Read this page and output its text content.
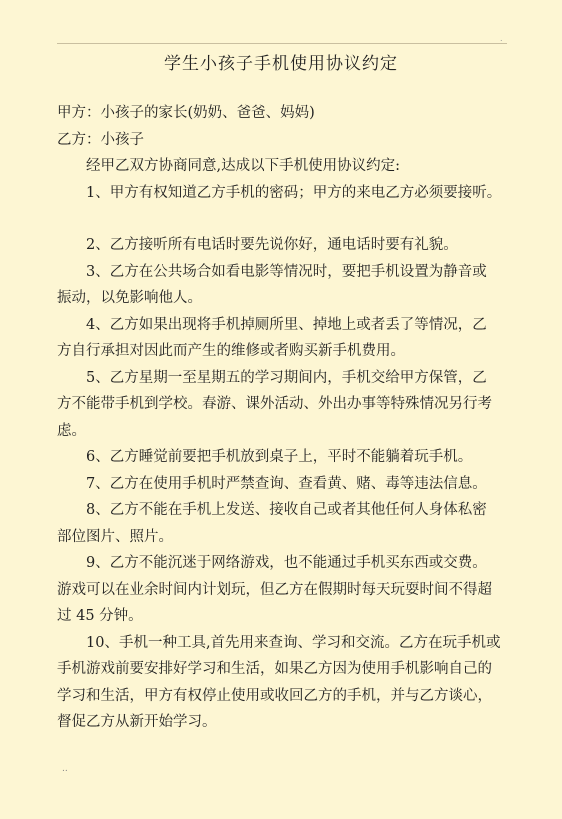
.
学生小孩子手机使用协议约定

甲方：小孩子的家长(奶奶、爸爸、妈妈)

乙方：小孩子

经甲乙双方协商同意,达成以下手机使用协议约定:

1、甲方有权知道乙方手机的密码；甲方的来电乙方必须要接听。

2、乙方接听所有电话时要先说你好，通电话时要有礼貌。

3、乙方在公共场合如看电影等情况时，要把手机设置为静音或

振动，以免影响他人。

4、乙方如果出现将手机掉厕所里、掉地上或者丢了等情况，乙

方自行承担对因此而产生的维修或者购买新手机费用。

5、乙方星期一至星期五的学习期间内，手机交给甲方保管，乙

方不能带手机到学校。春游、课外活动、外出办事等特殊情况另行考

虑。

6、乙方睡觉前要把手机放到桌子上，平时不能躺着玩手机。

7、乙方在使用手机时严禁查询、查看黄、赌、毒等违法信息。

8、乙方不能在手机上发送、接收自己或者其他任何人身体私密

部位图片、照片。

9、乙方不能沉迷于网络游戏，也不能通过手机买东西或交费。

游戏可以在业余时间内计划玩，但乙方在假期时每天玩耍时间不得超

过 45 分钟。

10、手机一种工具,首先用来查询、学习和交流。乙方在玩手机或

手机游戏前要安排好学习和生活，如果乙方因为使用手机影响自己的

学习和生活，甲方有权停止使用或收回乙方的手机，并与乙方谈心，

督促乙方从新开始学习。

..
